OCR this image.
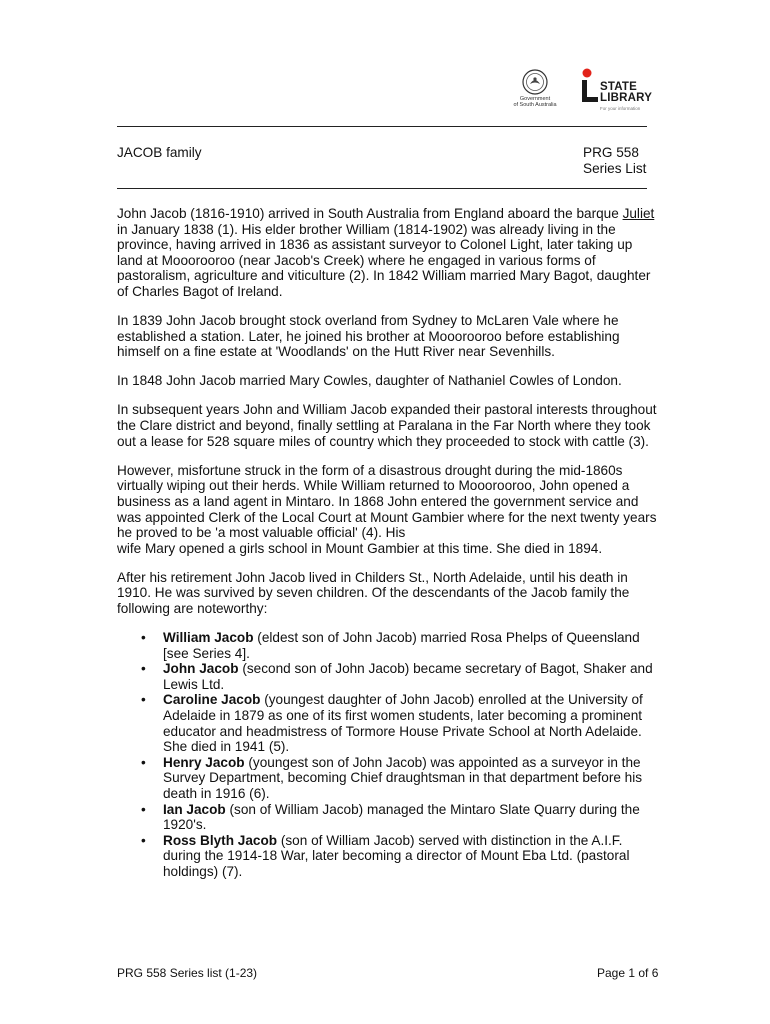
Government
of South Australia
STATE
LIBRARY
For your information
JACOB family	PRG 558
Series List

John Jacob (1816-1910) arrived in South Australia from England aboard the barque Juliet in January 1838 (1). His elder brother William (1814-1902) was already living in the province, having arrived in 1836 as assistant surveyor to Colonel Light, later taking up land at Mooorooroo (near Jacob's Creek) where he engaged in various forms of pastoralism, agriculture and viticulture (2). In 1842 William married Mary Bagot, daughter of Charles Bagot of Ireland.

In 1839 John Jacob brought stock overland from Sydney to McLaren Vale where he established a station. Later, he joined his brother at Mooorooroo before establishing himself on a fine estate at 'Woodlands' on the Hutt River near Sevenhills.

In 1848 John Jacob married Mary Cowles, daughter of Nathaniel Cowles of London.

In subsequent years John and William Jacob expanded their pastoral interests throughout the Clare district and beyond, finally settling at Paralana in the Far North where they took out a lease for 528 square miles of country which they proceeded to stock with cattle (3).

However, misfortune struck in the form of a disastrous drought during the mid-1860s virtually wiping out their herds. While William returned to Mooorooroo, John opened a business as a land agent in Mintaro. In 1868 John entered the government service and was appointed Clerk of the Local Court at Mount Gambier where for the next twenty years he proved to be 'a most valuable official' (4). His
wife Mary opened a girls school in Mount Gambier at this time. She died in 1894.

After his retirement John Jacob lived in Childers St., North Adelaide, until his death in 1910. He was survived by seven children. Of the descendants of the Jacob family the following are noteworthy:

• William Jacob (eldest son of John Jacob) married Rosa Phelps of Queensland [see Series 4].
• John Jacob (second son of John Jacob) became secretary of Bagot, Shaker and Lewis Ltd.
• Caroline Jacob (youngest daughter of John Jacob) enrolled at the University of Adelaide in 1879 as one of its first women students, later becoming a prominent educator and headmistress of Tormore House Private School at North Adelaide. She died in 1941 (5).
• Henry Jacob (youngest son of John Jacob) was appointed as a surveyor in the Survey Department, becoming Chief draughtsman in that department before his death in 1916 (6).
• Ian Jacob (son of William Jacob) managed the Mintaro Slate Quarry during the 1920's.
• Ross Blyth Jacob (son of William Jacob) served with distinction in the A.I.F. during the 1914-18 War, later becoming a director of Mount Eba Ltd. (pastoral holdings) (7).
PRG 558 Series list (1-23)	Page 1 of 6
